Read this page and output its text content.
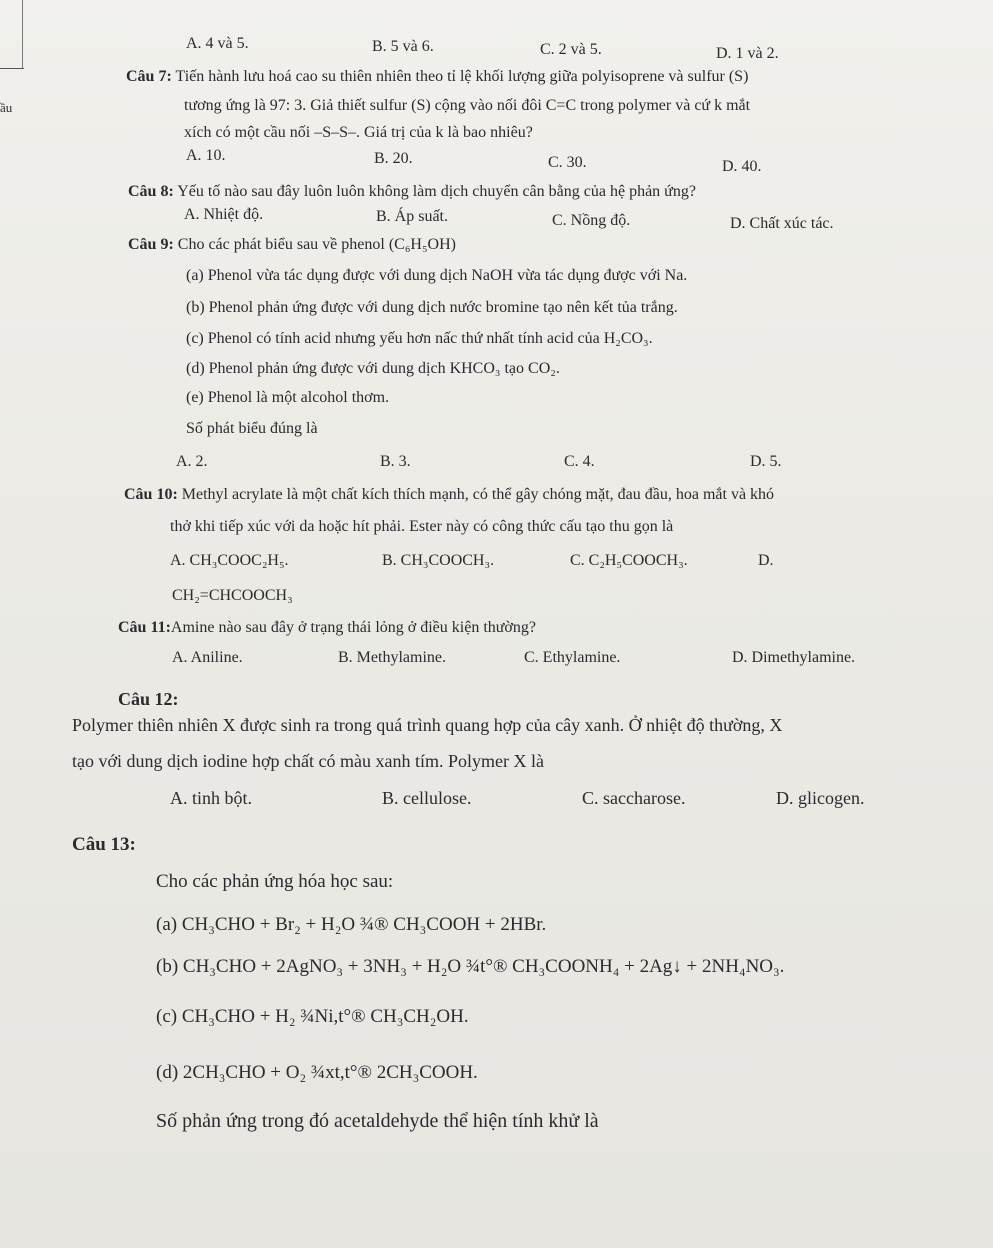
ầu
A. 4 và 5.	B. 5 và 6.	C. 2 và 5.	D. 1 và 2.
Câu 7: Tiến hành lưu hoá cao su thiên nhiên theo tỉ lệ khối lượng giữa polyisoprene và sulfur (S)
tương ứng là 97: 3. Giả thiết sulfur (S) cộng vào nối đôi C=C trong polymer và cứ k mắt
xích có một cầu nối –S–S–. Giá trị của k là bao nhiêu?
A. 10.	B. 20.	C. 30.	D. 40.
Câu 8: Yếu tố nào sau đây luôn luôn không làm dịch chuyển cân bằng của hệ phản ứng?
A. Nhiệt độ.	B. Áp suất.	C. Nồng độ.	D. Chất xúc tác.
Câu 9: Cho các phát biểu sau về phenol (C₆H₅OH)
(a) Phenol vừa tác dụng được với dung dịch NaOH vừa tác dụng được với Na.
(b) Phenol phản ứng được với dung dịch nước bromine tạo nên kết tủa trắng.
(c) Phenol có tính acid nhưng yếu hơn nấc thứ nhất tính acid của H₂CO₃.
(d) Phenol phản ứng được với dung dịch KHCO₃ tạo CO₂.
(e) Phenol là một alcohol thơm.
Số phát biểu đúng là
A. 2.	B. 3.	C. 4.	D. 5.
Câu 10: Methyl acrylate là một chất kích thích mạnh, có thể gây chóng mặt, đau đầu, hoa mắt và khó
thở khi tiếp xúc với da hoặc hít phải. Ester này có công thức cấu tạo thu gọn là
A. CH₃COOC₂H₅.	B. CH₃COOCH₃.	C. C₂H₅COOCH₃.	D.
CH₂=CHCOOCH₃
Câu 11:Amine nào sau đây ở trạng thái lỏng ở điều kiện thường?
A. Aniline.	B. Methylamine.	C. Ethylamine.	D. Dimethylamine.
Câu 12:
Polymer thiên nhiên X được sinh ra trong quá trình quang hợp của cây xanh. Ở nhiệt độ thường, X
tạo với dung dịch iodine hợp chất có màu xanh tím. Polymer X là
A. tinh bột.	B. cellulose.	C. saccharose.	D. glicogen.
Câu 13:
Cho các phản ứng hóa học sau:
(a) CH₃CHO + Br₂ + H₂O ¾® CH₃COOH + 2HBr.
(b) CH₃CHO + 2AgNO₃ + 3NH₃ + H₂O ¾t°® CH₃COONH₄ + 2Ag↓ + 2NH₄NO₃.
(c) CH₃CHO + H₂ ¾Ni,t°® CH₃CH₂OH.
(d) 2CH₃CHO + O₂ ¾xt,t°® 2CH₃COOH.
Số phản ứng trong đó acetaldehyde thể hiện tính khử là
